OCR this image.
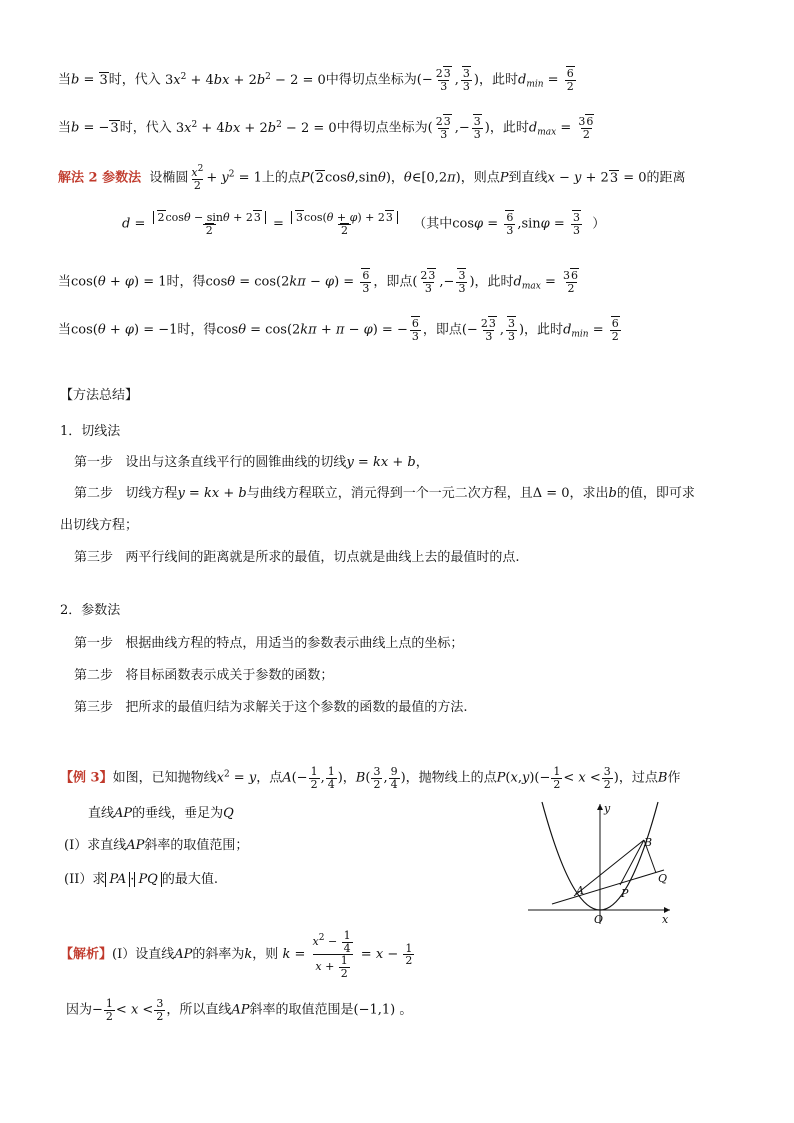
当b = 3时，代入 $3x^2 + 4bx + 2b^2 - 2 = 0$中得切点坐标为(− $\frac{23}{3}$ , $\frac{3}{3}$ )，此时$d_{min} = \frac{6}{2}$
当b = −3时，代入 $3x^2 + 4bx + 2b^2 - 2 = 0$中得切点坐标为( $\frac{23}{3}$ ,− $\frac{3}{3}$ )，此时$d_{max} = \frac{36}{2}$
解法 2 参数法 设椭圆 $\frac{x^2}{2} + y^2 = 1$上的点P(2cosθ,sinθ)，θ∈[0,2π)，则点P到直线x − y + 23 = 0的距离
$d = \frac{2\cos\theta - \sin\theta + 23}{2} = \frac{3\cos(\theta + \varphi) + 23}{2}$ （其中$\cos\varphi = \frac{6}{3} ,\sin\varphi = \frac{3}{3}$ ）
当cos(θ + φ) = 1时，得$\cos\theta = \cos(2k\pi - \varphi) = \frac{6}{3}$ ，即点( $\frac{23}{3}$ ,− $\frac{3}{3}$ )，此时$d_{max} = \frac{36}{2}$
当cos(θ + φ) = −1时，得cosθ = cos(2kπ + π − φ) = − $\frac{6}{3}$ ，即点(− $\frac{23}{3}$ , $\frac{3}{3}$ )，此时$d_{min} = \frac{6}{2}$
【方法总结】
1．切线法
第一步 设出与这条直线平行的圆锥曲线的切线y = kx + b，
第二步 切线方程y = kx + b与曲线方程联立，消元得到一个一元二次方程，且Δ = 0，求出b的值，即可求
出切线方程；
第三步 两平行线间的距离就是所求的最值，切点就是曲线上去的最值时的点.
2．参数法
第一步 根据曲线方程的特点，用适当的参数表示曲线上点的坐标；
第二步 将目标函数表示成关于参数的函数；
第三步 把所求的最值归结为求解关于这个参数的函数的最值的方法.
【例 3】如图，已知抛物线$x^2 = y$，点$A(- \frac{1}{2}$ , $\frac{1}{4}$ )，$B( \frac{3}{2}$ , $\frac{9}{4}$ )，抛物线上的点$P(x,y)(- \frac{1}{2} < x < \frac{3}{2}$ )，过点B作
直线AP的垂线，垂足为Q
(I）求直线AP斜率的取值范围；
(II）求 PA · PQ 的最大值.
B
A	P
Q
O	x
y
【解析】(Ⅰ）设直线AP的斜率为k，则 $k = \frac{x^2 - \frac{1}{4}}{x + \frac{1}{2}} = x - \frac{1}{2}$
因为− $\frac{1}{2} < x < \frac{3}{2}$ ，所以直线AP斜率的取值范围是(−1,1) 。
